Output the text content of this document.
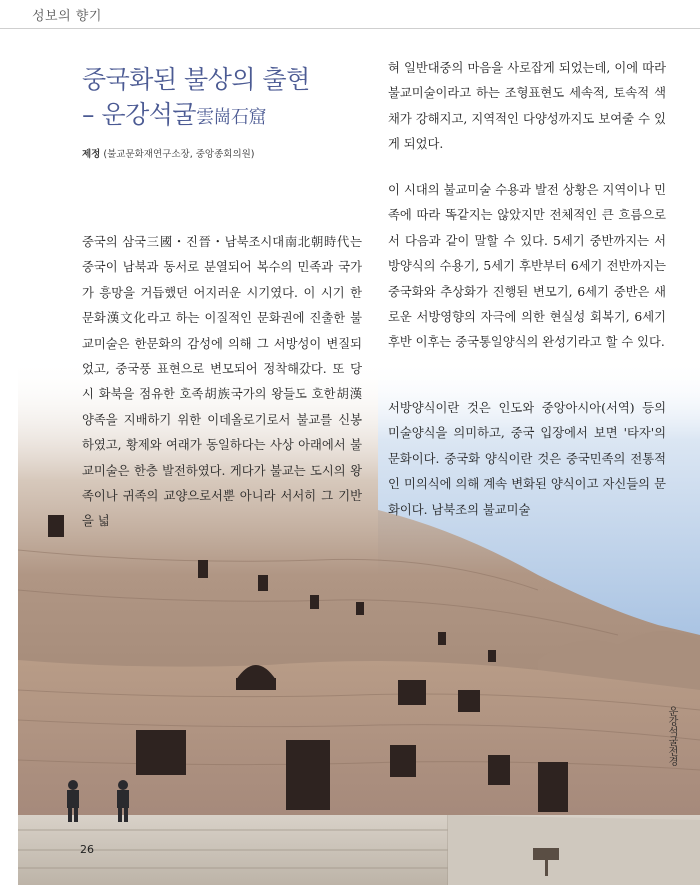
성보의 향기
중국화된 불상의 출현
– 운강석굴雲崗石窟
제정 (불교문화재연구소장, 중앙종회의원)

중국의 삼국三國・진晉・남북조시대南北朝時代는 중국이 남북과 동서로 분열되어 복수의 민족과 국가가 흥망을 거듭했던 어지러운 시기였다. 이 시기 한문화漢文化라고 하는 이질적인 문화권에 진출한 불교미술은 한문화의 감성에 의해 그 서방성이 변질되었고, 중국풍 표현으로 변모되어 정착해갔다. 또 당시 화북을 점유한 호족胡族국가의 왕들도 호한胡漢 양족을 지배하기 위한 이데올로기로서 불교를 신봉하였고, 황제와 여래가 동일하다는 사상 아래에서 불교미술은 한층 발전하였다. 게다가 불교는 도시의 왕족이나 귀족의 교양으로서뿐 아니라 서서히 그 기반을 넓

혀 일반대중의 마음을 사로잡게 되었는데, 이에 따라 불교미술이라고 하는 조형표현도 세속적, 토속적 색채가 강해지고, 지역적인 다양성까지도 보여줄 수 있게 되었다.

이 시대의 불교미술 수용과 발전 상황은 지역이나 민족에 따라 똑같지는 않았지만 전체적인 큰 흐름으로서 다음과 같이 말할 수 있다. 5세기 중반까지는 서방양식의 수용기, 5세기 후반부터 6세기 전반까지는 중국화와 추상화가 진행된 변모기, 6세기 중반은 새로운 서방영향의 자극에 의한 현실성 회복기, 6세기 후반 이후는 중국통일양식의 완성기라고 할 수 있다.

서방양식이란 것은 인도와 중앙아시아(서역) 등의 미술양식을 의미하고, 중국 입장에서 보면 '타자'의 문화이다. 중국화 양식이란 것은 중국민족의 전통적인 미의식에 의해 계속 변화된 양식이고 자신들의 문화이다. 남북조의 불교미술

운강석굴전경
26
